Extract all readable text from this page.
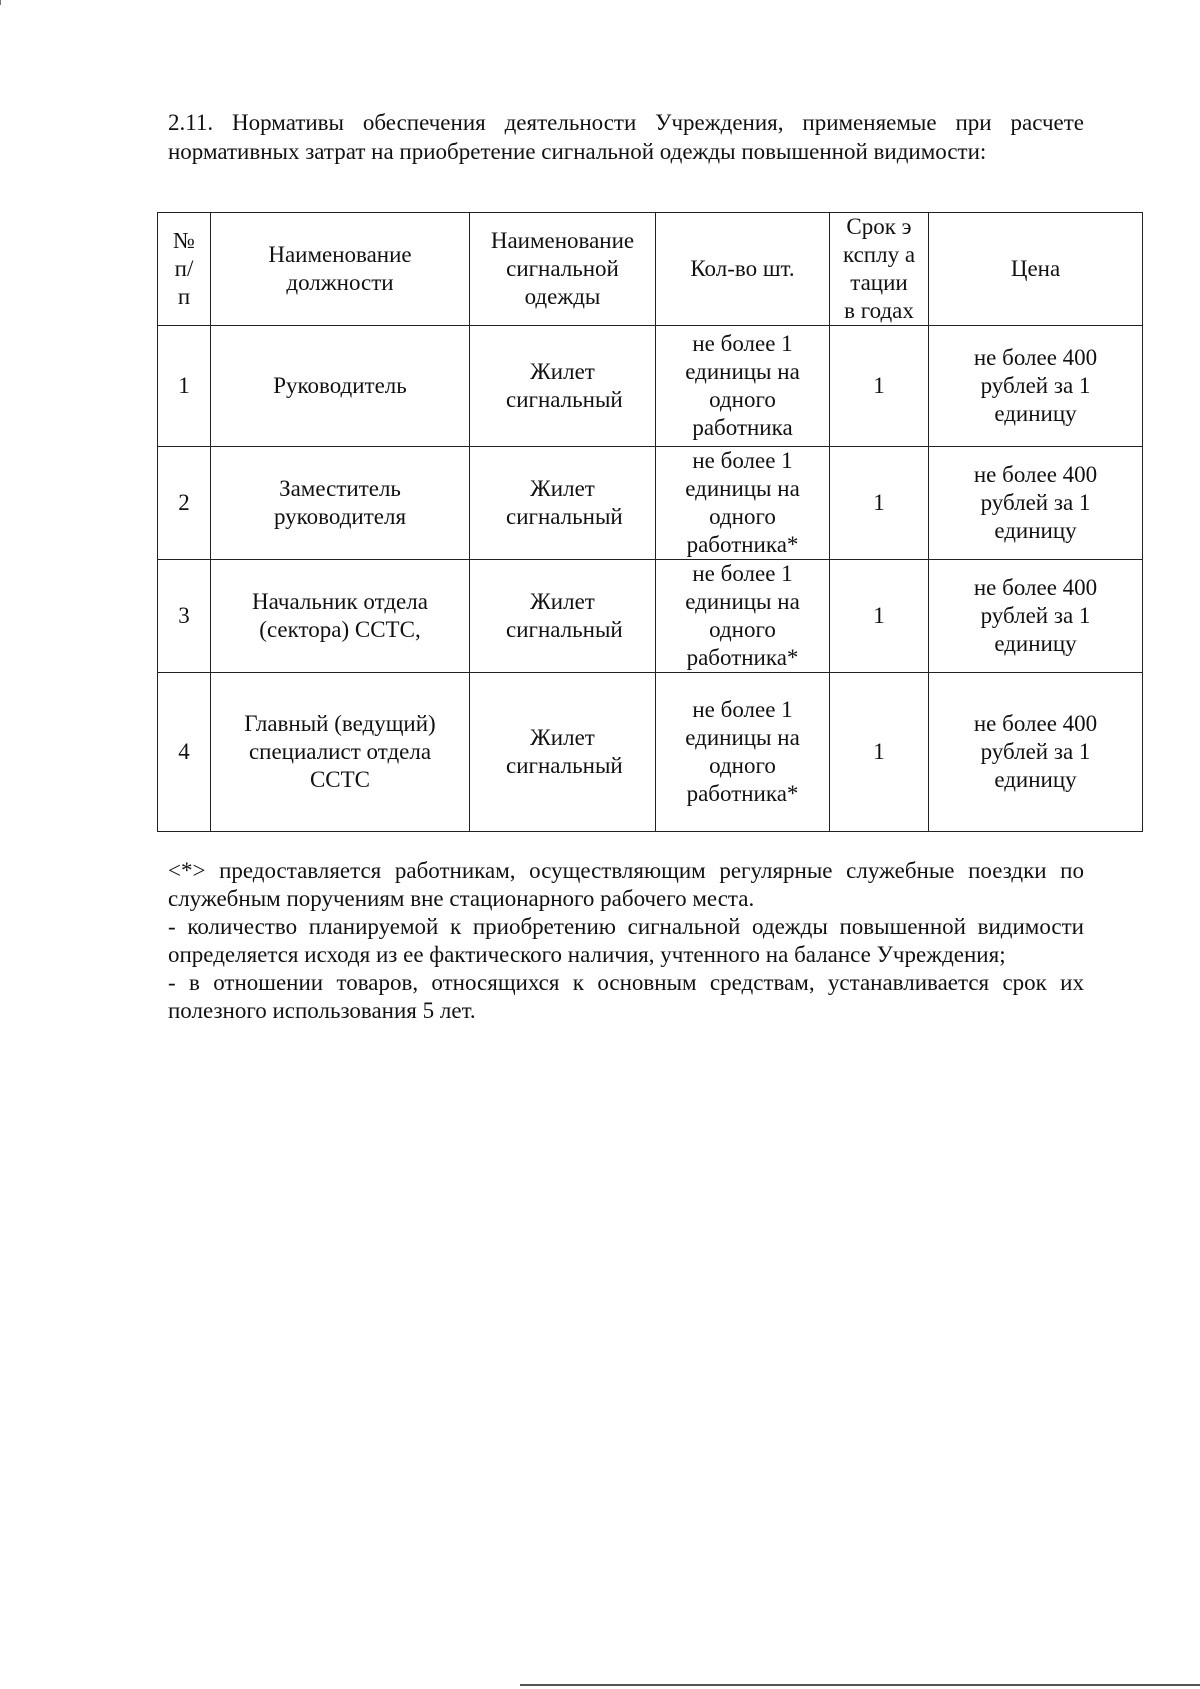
2.11. Нормативы обеспечения деятельности Учреждения, применяемые при расчете нормативных затрат на приобретение сигнальной одежды повышенной видимости:

№ п/ п	Наименование должности	Наименование сигнальной одежды	Кол-во шт.	Срок эксплу атации в годах	Цена
1	Руководитель	Жилет сигнальный	не более 1 единицы на одного работника	1	не более 400 рублей за 1 единицу
2	Заместитель руководителя	Жилет сигнальный	не более 1 единицы на одного работника*	1	не более 400 рублей за 1 единицу
3	Начальник отдела (сектора) ССТС,	Жилет сигнальный	не более 1 единицы на одного работника*	1	не более 400 рублей за 1 единицу
4	Главный (ведущий) специалист отдела ССТС	Жилет сигнальный	не более 1 единицы на одного работника*	1	не более 400 рублей за 1 единицу

<*> предоставляется работникам, осуществляющим регулярные служебные поездки по служебным поручениям вне стационарного рабочего места.

- количество планируемой к приобретению сигнальной одежды повышенной видимости определяется исходя из ее фактического наличия, учтенного на балансе Учреждения;

- в отношении товаров, относящихся к основным средствам, устанавливается срок их полезного использования 5 лет.
